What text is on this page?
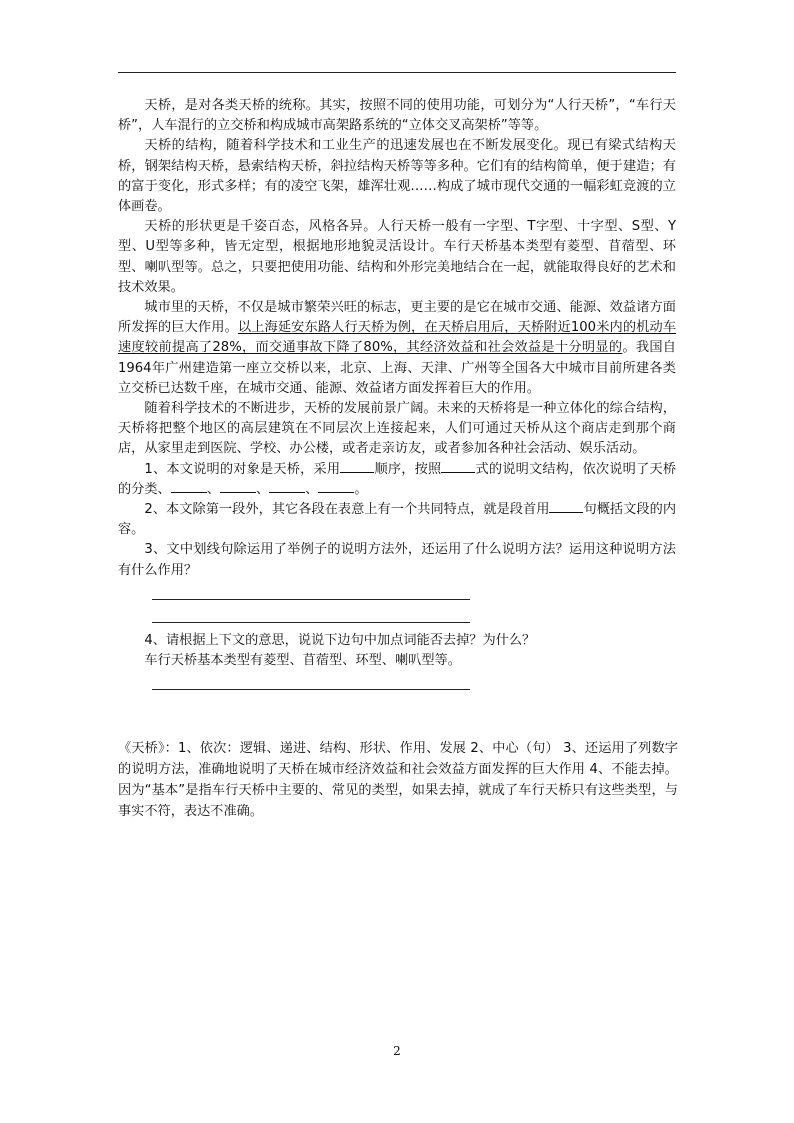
天桥，是对各类天桥的统称。其实，按照不同的使用功能，可划分为“人行天桥”，“车行天桥”，人车混行的立交桥和构成城市高架路系统的“立体交叉高架桥”等等。

天桥的结构，随着科学技术和工业生产的迅速发展也在不断发展变化。现已有梁式结构天桥，钢架结构天桥，悬索结构天桥，斜拉结构天桥等等多种。它们有的结构简单，便于建造；有的富于变化，形式多样；有的凌空飞架，雄浑壮观……构成了城市现代交通的一幅彩虹竞渡的立体画卷。

天桥的形状更是千姿百态，风格各异。人行天桥一般有一字型、T字型、十字型、S型、Y型、U型等多种，皆无定型，根据地形地貌灵活设计。车行天桥基本类型有菱型、苜蓿型、环型、喇叭型等。总之，只要把使用功能、结构和外形完美地结合在一起，就能取得良好的艺术和技术效果。

城市里的天桥，不仅是城市繁荣兴旺的标志，更主要的是它在城市交通、能源、效益诸方面所发挥的巨大作用。以上海延安东路人行天桥为例，在天桥启用后，天桥附近100米内的机动车速度较前提高了28%，而交通事故下降了80%，其经济效益和社会效益是十分明显的。我国自1964年广州建造第一座立交桥以来，北京、上海、天津、广州等全国各大中城市目前所建各类立交桥已达数千座，在城市交通、能源、效益诸方面发挥着巨大的作用。

随着科学技术的不断进步，天桥的发展前景广阔。未来的天桥将是一种立体化的综合结构，天桥将把整个地区的高层建筑在不同层次上连接起来，人们可通过天桥从这个商店走到那个商店，从家里走到医院、学校、办公楼，或者走亲访友，或者参加各种社会活动、娱乐活动。

1、本文说明的对象是天桥，采用	顺序，按照	式的说明文结构，依次说明了天桥的分类、	、	、	、	。

2、本文除第一段外，其它各段在表意上有一个共同特点，就是段首用	句概括文段的内容。

3、文中划线句除运用了举例子的说明方法外，还运用了什么说明方法？运用这种说明方法有什么作用？

4、请根据上下文的意思，说说下边句中加点词能否去掉？为什么？

车行天桥基本类型有菱型、苜蓿型、环型、喇叭型等。

《天桥》：1、依次：逻辑、递进、结构、形状、作用、发展 2、中心（句） 3、还运用了列数字的说明方法，准确地说明了天桥在城市经济效益和社会效益方面发挥的巨大作用 4、不能去掉。因为“基本”是指车行天桥中主要的、常见的类型，如果去掉，就成了车行天桥只有这些类型，与事实不符，表达不准确。
2
